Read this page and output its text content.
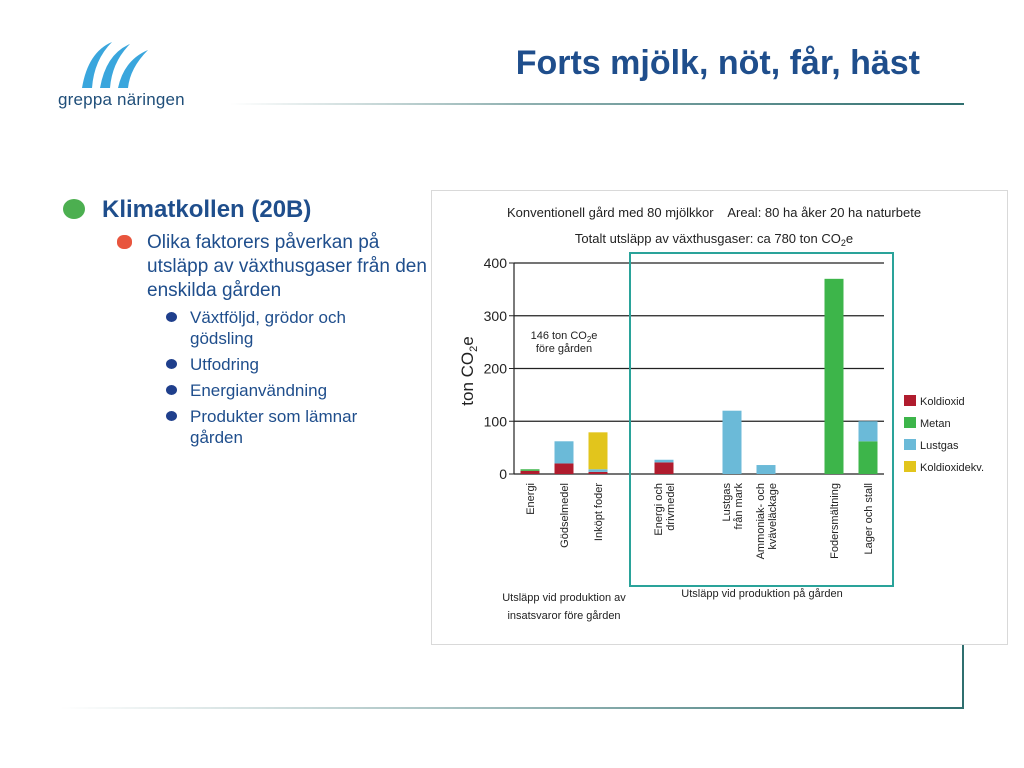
greppa näringen
Forts mjölk, nöt, får, häst
Klimatkollen (20B)
Olika faktorers påverkan på utsläpp av växthusgaser från den enskilda gården
Växtföljd, grödor och gödsling
Utfodring
Energianvändning
Produkter som lämnar gården
Konventionell gård med 80 mjölkkor    Areal: 80 ha åker 20 ha naturbete
Totalt utsläpp av växthusgaser: ca 780 ton $CO_2e$
ton $CO_2e$
0
100
200
300
400
Energi Gödselmedel Inköpt foder	Energi ochdrivmedel	Lustgasfrån mark Ammoniak- ochkväveläckage	Fodersmältning Lager och stall
146 ton $CO_2e$
före gården
Koldioxid
Metan
Lustgas
Koldioxidekv.
Utsläpp vid produktion av insatsvaror före gården
Utsläpp vid produktion på gården
